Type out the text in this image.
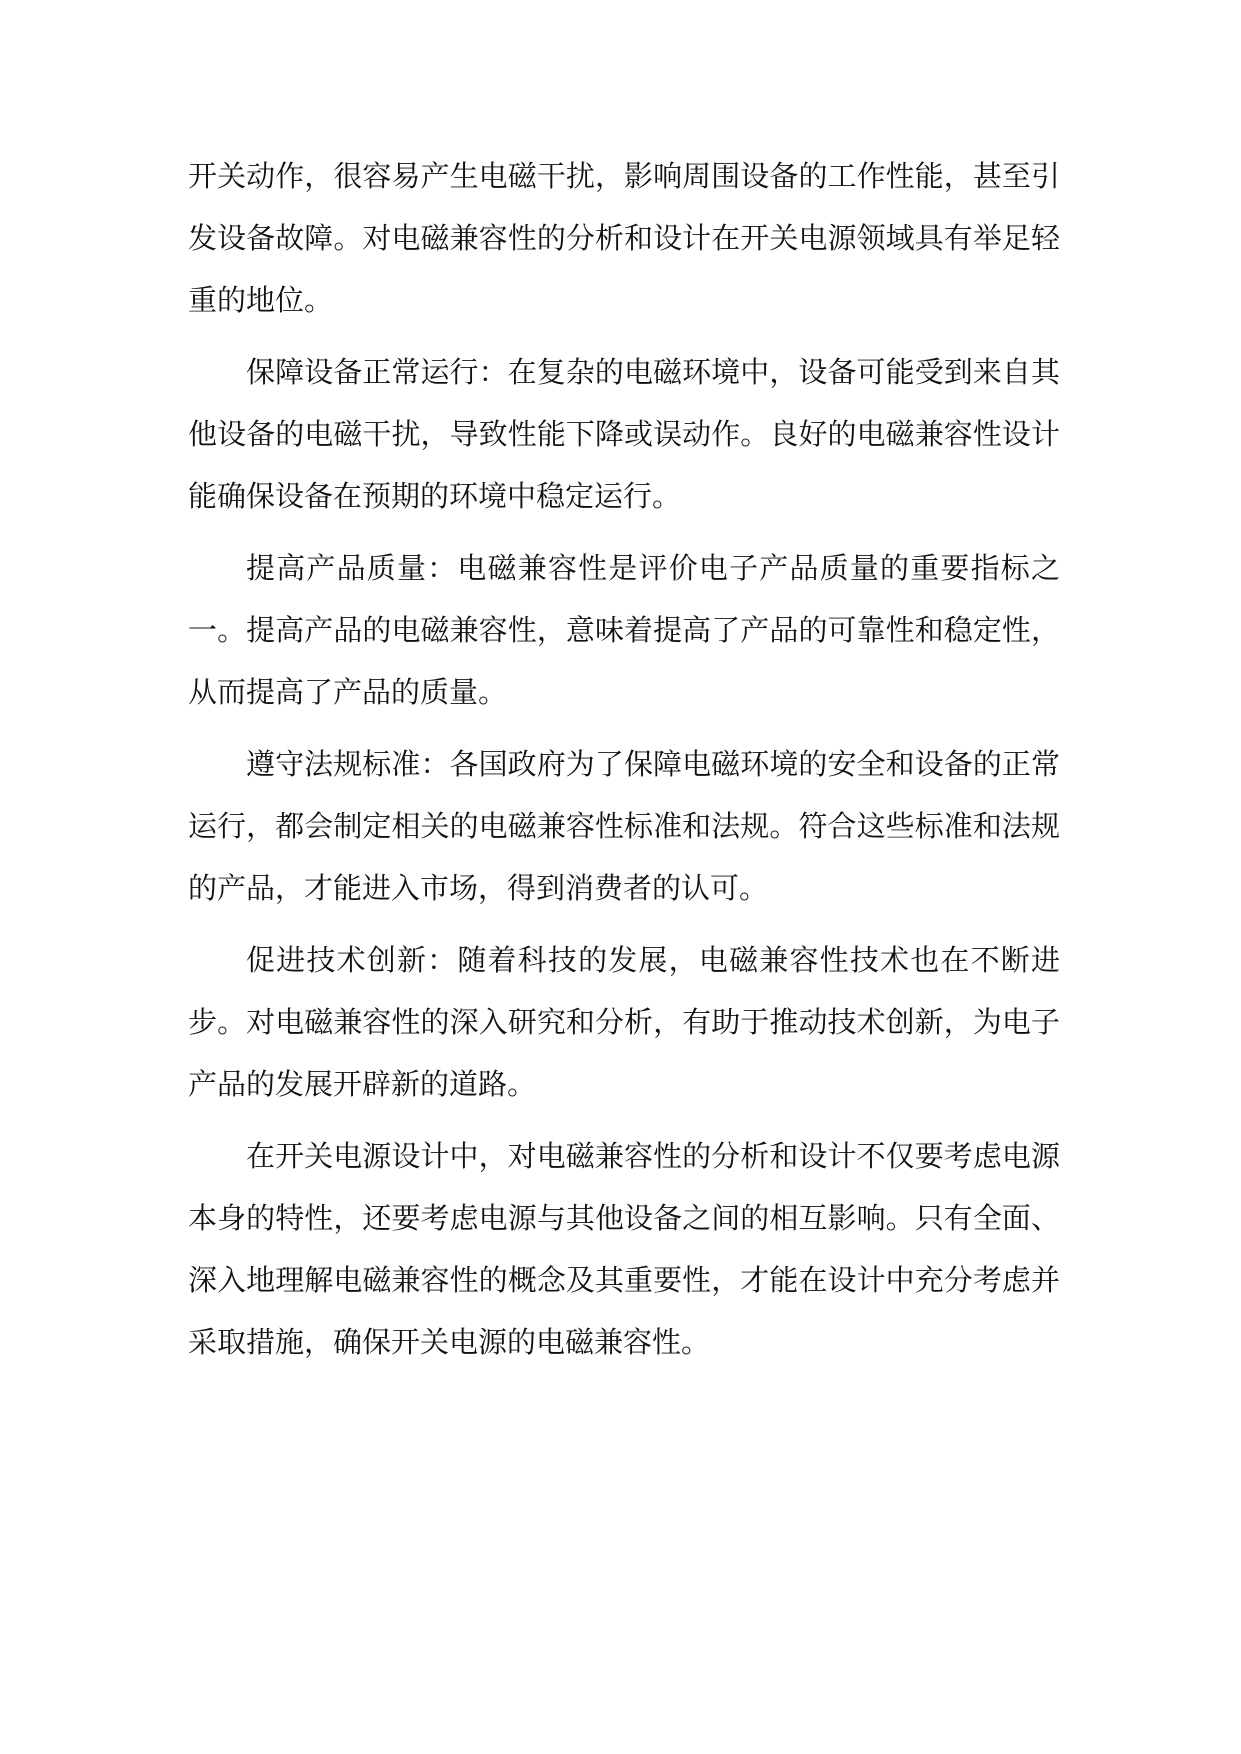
开关动作，很容易产生电磁干扰，影响周围设备的工作性能，甚至引发设备故障。对电磁兼容性的分析和设计在开关电源领域具有举足轻重的地位。

保障设备正常运行：在复杂的电磁环境中，设备可能受到来自其他设备的电磁干扰，导致性能下降或误动作。良好的电磁兼容性设计能确保设备在预期的环境中稳定运行。

提高产品质量：电磁兼容性是评价电子产品质量的重要指标之一。提高产品的电磁兼容性，意味着提高了产品的可靠性和稳定性，从而提高了产品的质量。

遵守法规标准：各国政府为了保障电磁环境的安全和设备的正常运行，都会制定相关的电磁兼容性标准和法规。符合这些标准和法规的产品，才能进入市场，得到消费者的认可。

促进技术创新：随着科技的发展，电磁兼容性技术也在不断进步。对电磁兼容性的深入研究和分析，有助于推动技术创新，为电子产品的发展开辟新的道路。

在开关电源设计中，对电磁兼容性的分析和设计不仅要考虑电源本身的特性，还要考虑电源与其他设备之间的相互影响。只有全面、深入地理解电磁兼容性的概念及其重要性，才能在设计中充分考虑并采取措施，确保开关电源的电磁兼容性。
